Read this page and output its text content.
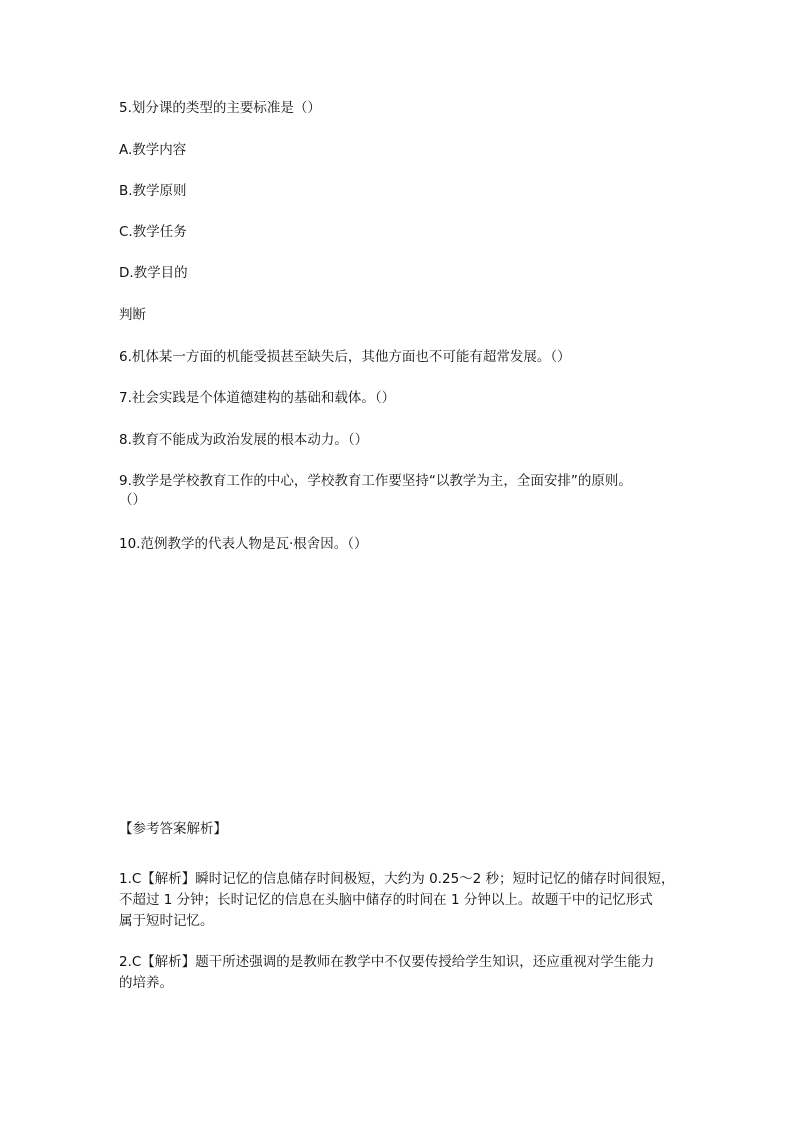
5.划分课的类型的主要标准是（）
A.教学内容
B.教学原则
C.教学任务
D.教学目的
判断
6.机体某一方面的机能受损甚至缺失后，其他方面也不可能有超常发展。（）
7.社会实践是个体道德建构的基础和载体。（）
8.教育不能成为政治发展的根本动力。（）
9.教学是学校教育工作的中心，学校教育工作要坚持“以教学为主，全面安排”的原则。
（）
10.范例教学的代表人物是瓦·根舍因。（）
【参考答案解析】
1.C【解析】瞬时记忆的信息储存时间极短，大约为 0.25～2 秒；短时记忆的储存时间很短，
不超过 1 分钟；长时记忆的信息在头脑中储存的时间在 1 分钟以上。故题干中的记忆形式
属于短时记忆。
2.C【解析】题干所述强调的是教师在教学中不仅要传授给学生知识，还应重视对学生能力
的培养。
